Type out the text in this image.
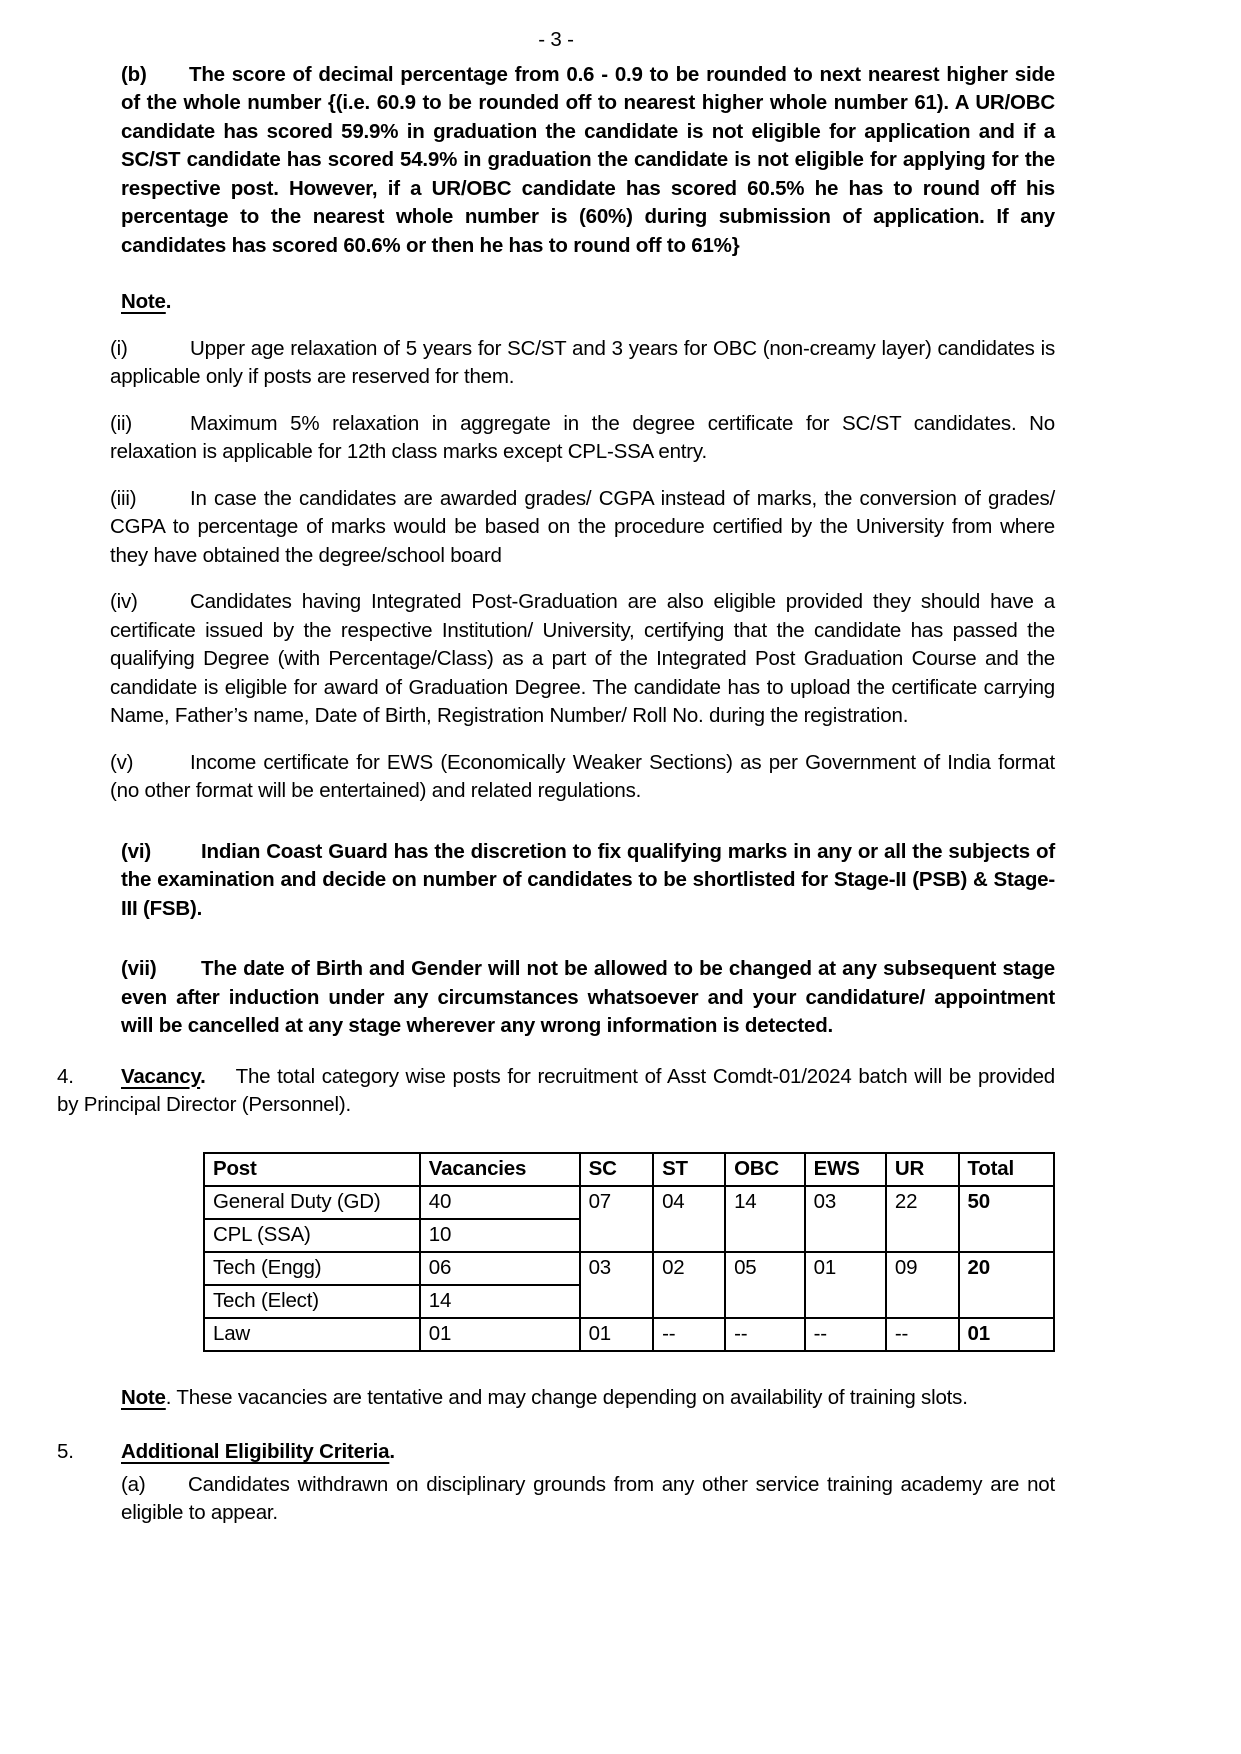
- 3 -

(b) The score of decimal percentage from 0.6 - 0.9 to be rounded to next nearest higher side of the whole number {(i.e. 60.9 to be rounded off to nearest higher whole number 61). A UR/OBC candidate has scored 59.9% in graduation the candidate is not eligible for application and if a SC/ST candidate has scored 54.9% in graduation the candidate is not eligible for applying for the respective post. However, if a UR/OBC candidate has scored 60.5% he has to round off his percentage to the nearest whole number is (60%) during submission of application. If any candidates has scored 60.6% or then he has to round off to 61%}

Note.

(i)	Upper age relaxation of 5 years for SC/ST and 3 years for OBC (non-creamy layer) candidates is applicable only if posts are reserved for them.

(ii)	Maximum 5% relaxation in aggregate in the degree certificate for SC/ST candidates. No relaxation is applicable for 12th class marks except CPL-SSA entry.

(iii)	In case the candidates are awarded grades/ CGPA instead of marks, the conversion of grades/ CGPA to percentage of marks would be based on the procedure certified by the University from where they have obtained the degree/school board

(iv)	Candidates having Integrated Post-Graduation are also eligible provided they should have a certificate issued by the respective Institution/ University, certifying that the candidate has passed the qualifying Degree (with Percentage/Class) as a part of the Integrated Post Graduation Course and the candidate is eligible for award of Graduation Degree. The candidate has to upload the certificate carrying Name, Father’s name, Date of Birth, Registration Number/ Roll No. during the registration.

(v)	Income certificate for EWS (Economically Weaker Sections) as per Government of India format (no other format will be entertained) and related regulations.

(vi) Indian Coast Guard has the discretion to fix qualifying marks in any or all the subjects of the examination and decide on number of candidates to be shortlisted for Stage-II (PSB) & Stage-III (FSB).

(vii) The date of Birth and Gender will not be allowed to be changed at any subsequent stage even after induction under any circumstances whatsoever and your candidature/ appointment will be cancelled at any stage wherever any wrong information is detected.

4. Vacancy. The total category wise posts for recruitment of Asst Comdt-01/2024 batch will be provided by Principal Director (Personnel).

Post	Vacancies	SC	ST	OBC	EWS	UR	Total
General Duty (GD)	40	07	04	14	03	22	50
CPL (SSA)	10						
Tech (Engg)	06	03	02	05	01	09	20
Tech (Elect)	14						
Law	01	01	--	--	--	--	01

Note. These vacancies are tentative and may change depending on availability of training slots.

5. Additional Eligibility Criteria.

(a) Candidates withdrawn on disciplinary grounds from any other service training academy are not eligible to appear.
